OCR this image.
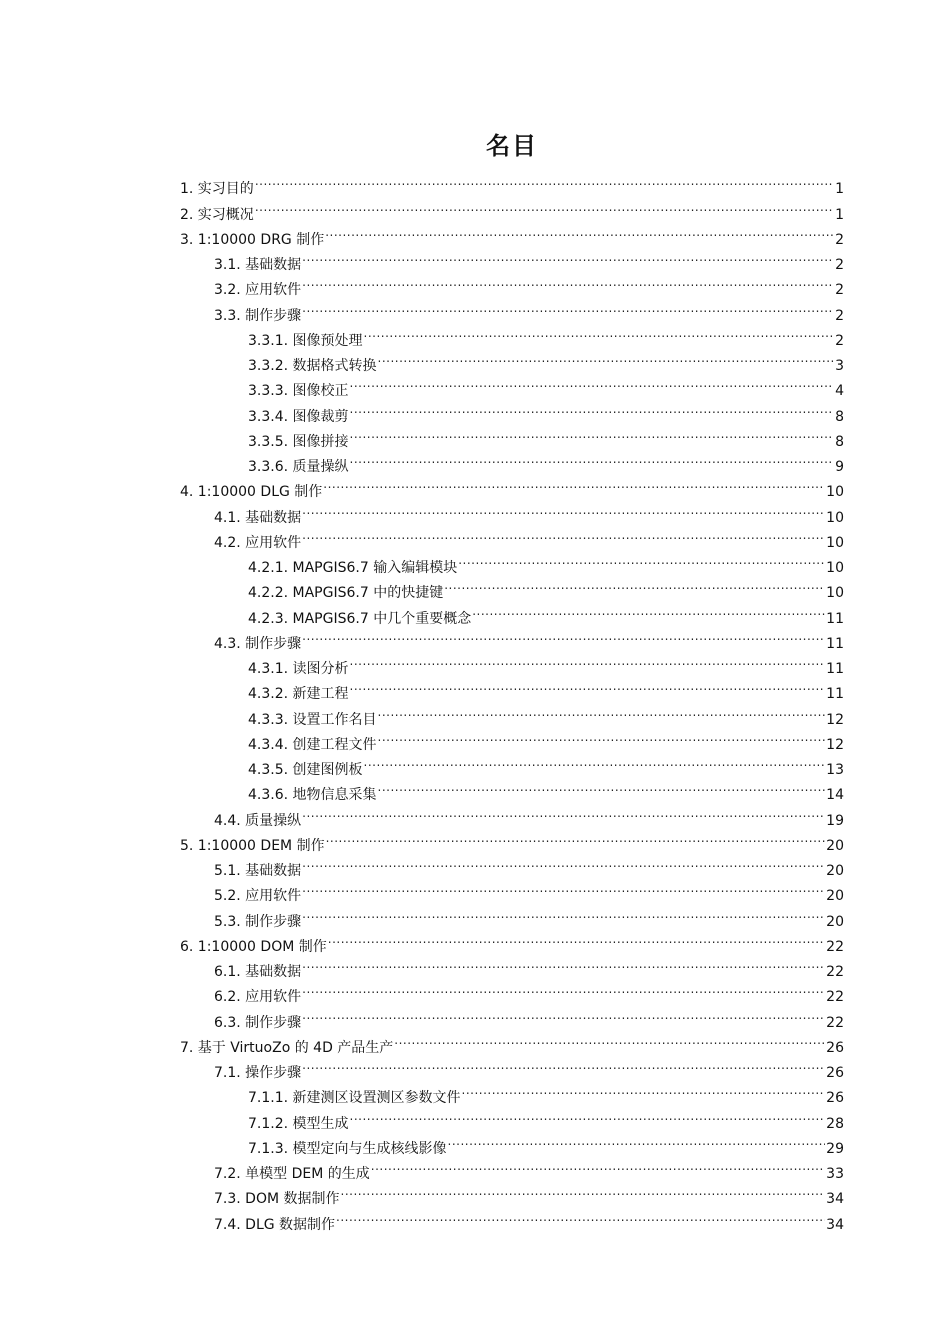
名目
1. 实习目的 .....	1
2. 实习概况 .....	1
3. 1:10000 DRG 制作 .....	2
3.1. 基础数据 .....	2
3.2. 应用软件 .....	2
3.3. 制作步骤 .....	2
3.3.1. 图像预处理 .....	2
3.3.2. 数据格式转换 .....	3
3.3.3. 图像校正 .....	4
3.3.4. 图像裁剪 .....	8
3.3.5. 图像拼接 .....	8
3.3.6. 质量操纵 .....	9
4. 1:10000 DLG 制作 .....	10
4.1. 基础数据 .....	10
4.2. 应用软件 .....	10
4.2.1. MAPGIS6.7 输入编辑模块 .....	10
4.2.2. MAPGIS6.7 中的快捷键 .....	10
4.2.3. MAPGIS6.7 中几个重要概念 .....	11
4.3. 制作步骤 .....	11
4.3.1. 读图分析 .....	11
4.3.2. 新建工程 .....	11
4.3.3. 设置工作名目 .....	12
4.3.4. 创建工程文件 .....	12
4.3.5. 创建图例板 .....	13
4.3.6. 地物信息采集 .....	14
4.4. 质量操纵 .....	19
5. 1:10000 DEM 制作 .....	20
5.1. 基础数据 .....	20
5.2. 应用软件 .....	20
5.3. 制作步骤 .....	20
6. 1:10000 DOM 制作 .....	22
6.1. 基础数据 .....	22
6.2. 应用软件 .....	22
6.3. 制作步骤 .....	22
7. 基于 VirtuoZo 的 4D 产品生产 .....	26
7.1. 操作步骤 .....	26
7.1.1. 新建测区设置测区参数文件 .....	26
7.1.2. 模型生成 .....	28
7.1.3. 模型定向与生成核线影像 .....	29
7.2. 单模型 DEM 的生成 .....	33
7.3. DOM 数据制作 .....	34
7.4. DLG 数据制作 .....	34
